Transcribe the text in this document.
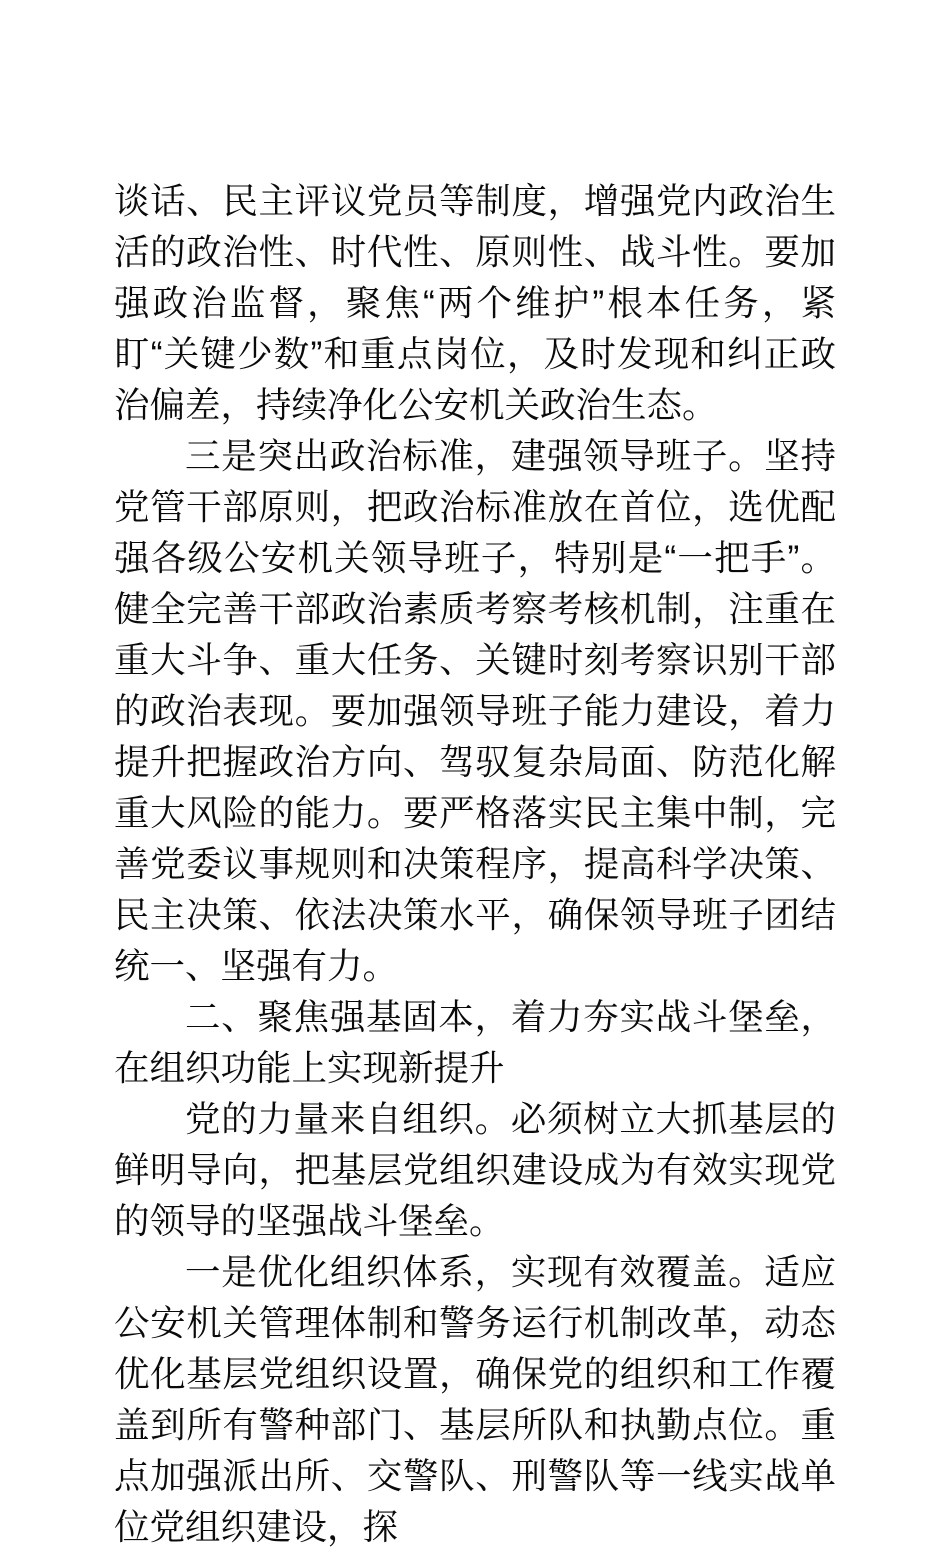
谈话、民主评议党员等制度，增强党内政治生活的政治性、时代性、原则性、战斗性。要加强政治监督，聚焦“两个维护”根本任务，紧盯“关键少数”和重点岗位，及时发现和纠正政治偏差，持续净化公安机关政治生态。

三是突出政治标准，建强领导班子。坚持党管干部原则，把政治标准放在首位，选优配强各级公安机关领导班子，特别是“一把手”。健全完善干部政治素质考察考核机制，注重在重大斗争、重大任务、关键时刻考察识别干部的政治表现。要加强领导班子能力建设，着力提升把握政治方向、驾驭复杂局面、防范化解重大风险的能力。要严格落实民主集中制，完善党委议事规则和决策程序，提高科学决策、民主决策、依法决策水平，确保领导班子团结统一、坚强有力。

二、聚焦强基固本，着力夯实战斗堡垒，在组织功能上实现新提升

党的力量来自组织。必须树立大抓基层的鲜明导向，把基层党组织建设成为有效实现党的领导的坚强战斗堡垒。

一是优化组织体系，实现有效覆盖。适应公安机关管理体制和警务运行机制改革，动态优化基层党组织设置，确保党的组织和工作覆盖到所有警种部门、基层所队和执勤点位。重点加强派出所、交警队、刑警队等一线实战单位党组织建设，探
